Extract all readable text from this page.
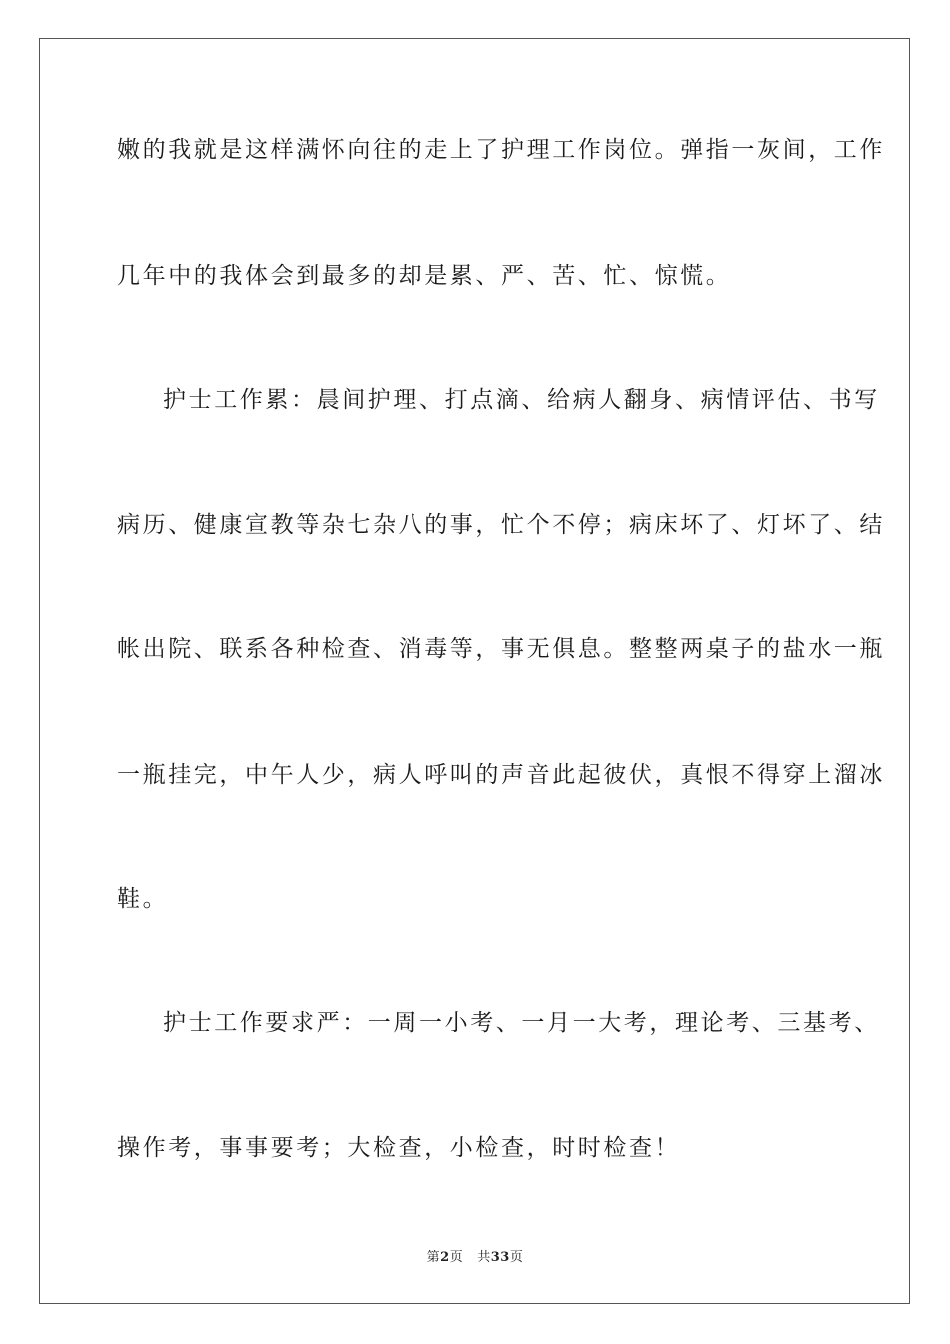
嫩的我就是这样满怀向往的走上了护理工作岗位。弹指一灰间，工作
几年中的我体会到最多的却是累、严、苦、忙、惊慌。
护士工作累：晨间护理、打点滴、给病人翻身、病情评估、书写
病历、健康宣教等杂七杂八的事，忙个不停；病床坏了、灯坏了、结
帐出院、联系各种检查、消毒等，事无俱息。整整两桌子的盐水一瓶
一瓶挂完，中午人少，病人呼叫的声音此起彼伏，真恨不得穿上溜冰
鞋。
护士工作要求严：一周一小考、一月一大考，理论考、三基考、
操作考，事事要考；大检查，小检查，时时检查！
第2页 共33页
